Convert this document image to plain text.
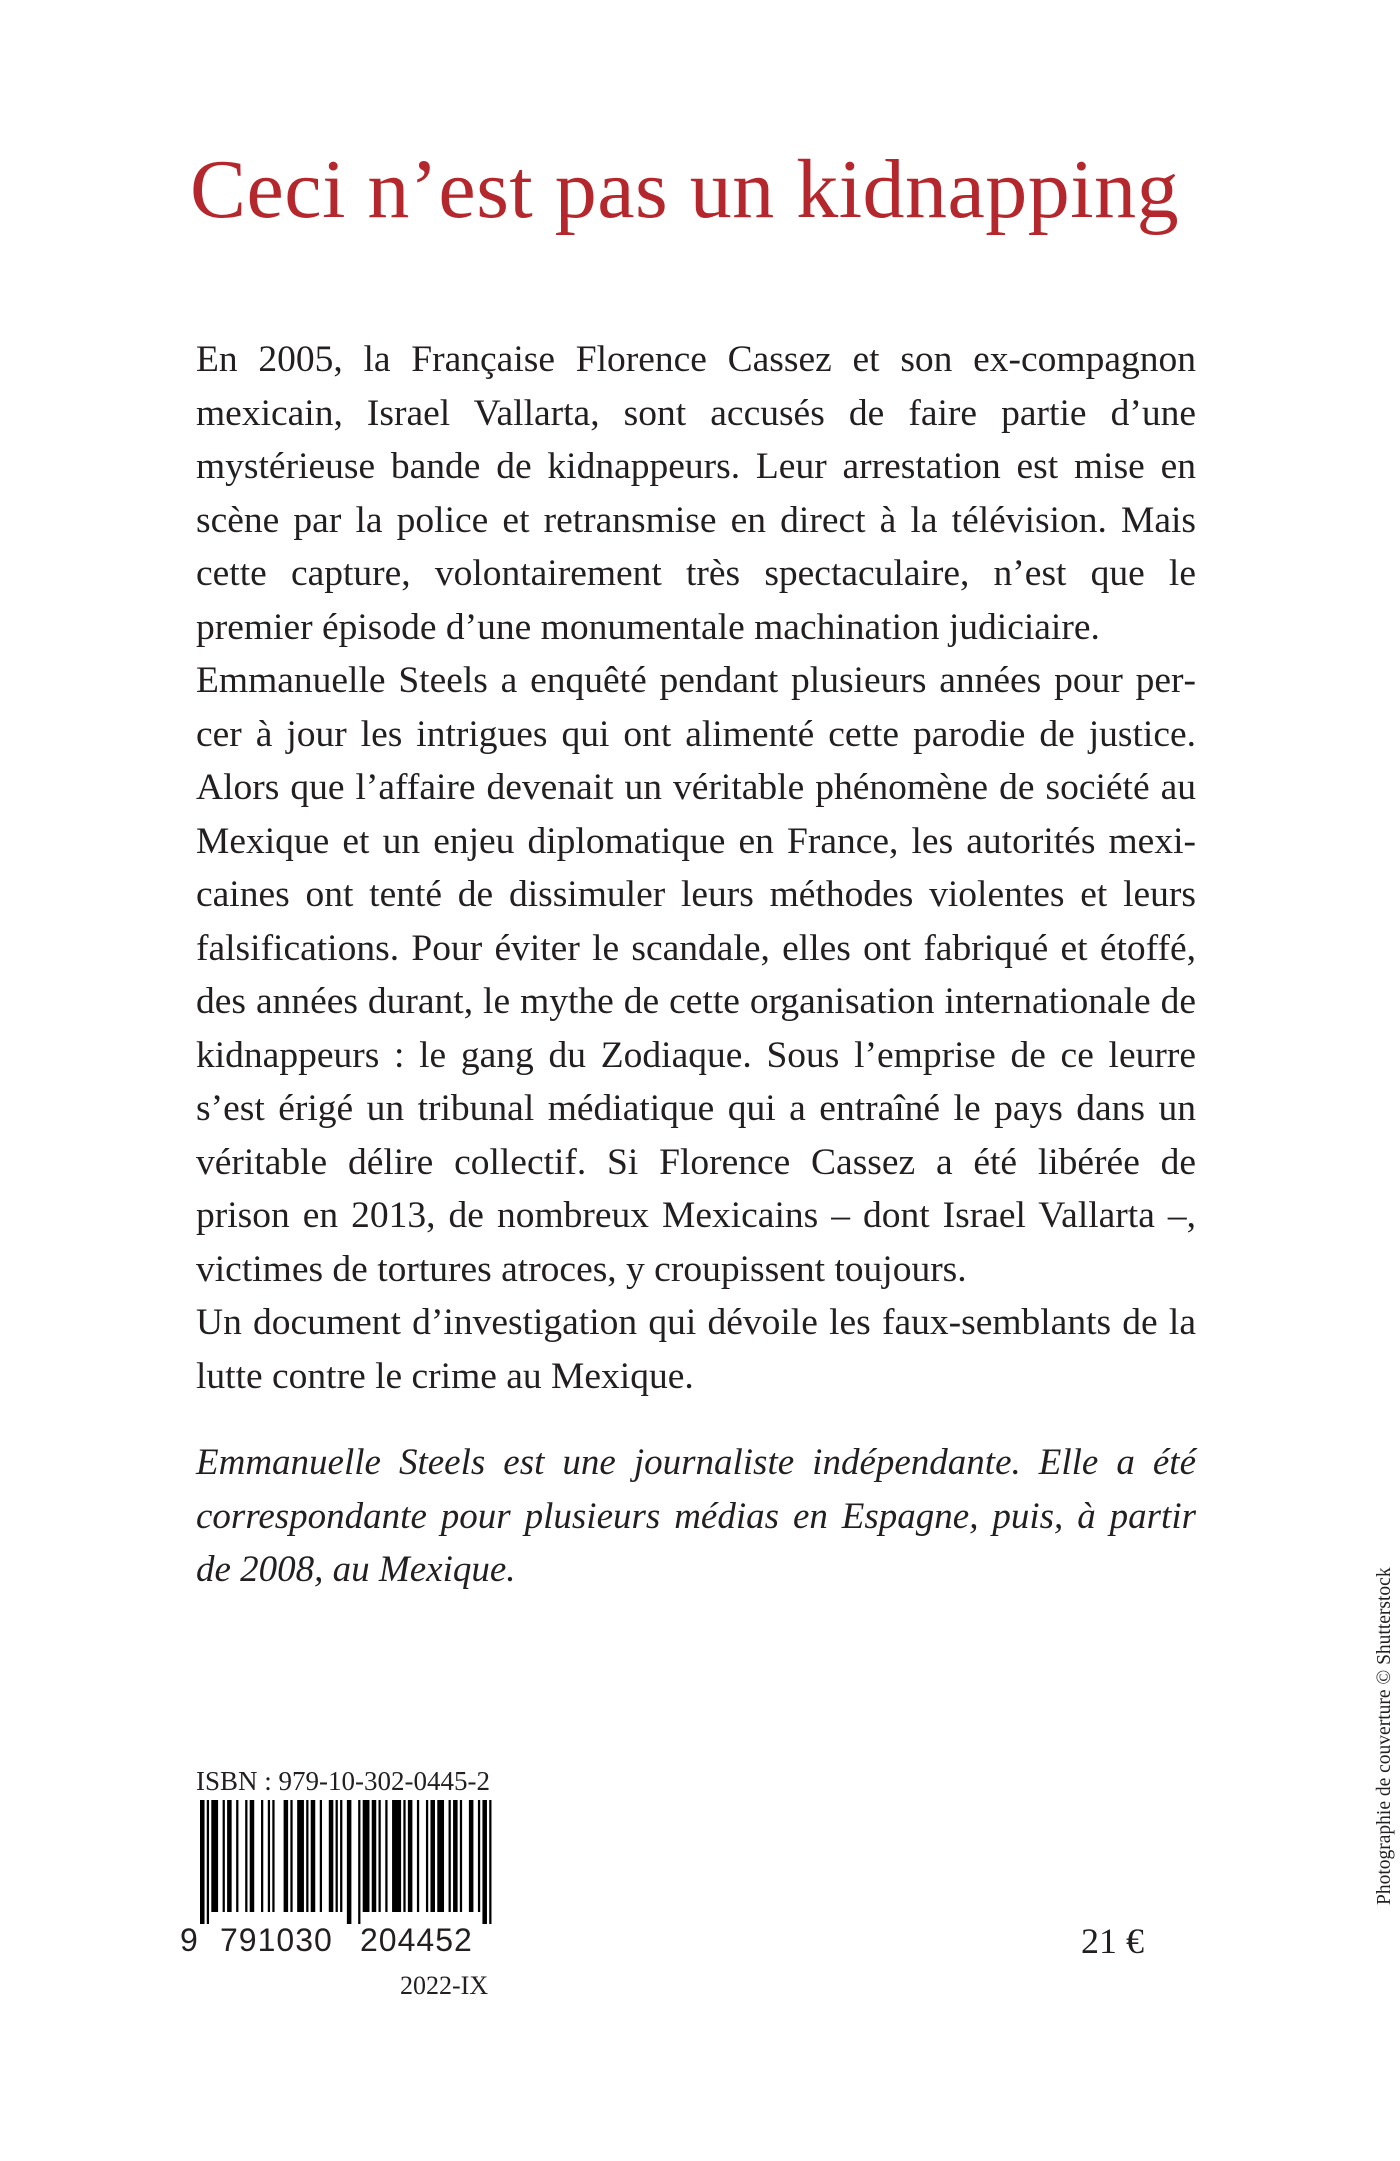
Ceci n’est pas un kidnapping

En 2005, la Française Florence Cassez et son ex-compagnon mexicain, Israel Vallarta, sont accusés de faire partie d’une mystérieuse bande de kidnappeurs. Leur arrestation est mise en scène par la police et retransmise en direct à la télévision. Mais cette capture, volontairement très spectaculaire, n’est que le premier épisode d’une monumentale machination judiciaire.

Emmanuelle Steels a enquêté pendant plusieurs années pour percer à jour les intrigues qui ont alimenté cette parodie de justice. Alors que l’affaire devenait un véritable phénomène de société au Mexique et un enjeu diplomatique en France, les autorités mexicaines ont tenté de dissimuler leurs méthodes violentes et leurs falsifications. Pour éviter le scandale, elles ont fabriqué et étoffé, des années durant, le mythe de cette organisation internationale de kidnappeurs : le gang du Zodiaque. Sous l’emprise de ce leurre s’est érigé un tribunal médiatique qui a entraîné le pays dans un véritable délire collectif. Si Florence Cassez a été libérée de prison en 2013, de nombreux Mexicains – dont Israel Vallarta –, victimes de tortures atroces, y croupissent toujours.

Un document d’investigation qui dévoile les faux-semblants de la lutte contre le crime au Mexique.

Emmanuelle Steels est une journaliste indépendante. Elle a été correspondante pour plusieurs médias en Espagne, puis, à partir de 2008, au Mexique.	Photographie de couverture © Shutterstock
ISBN : 979-10-302-0445-2
9 791030 204452
2022-IX
21 €
